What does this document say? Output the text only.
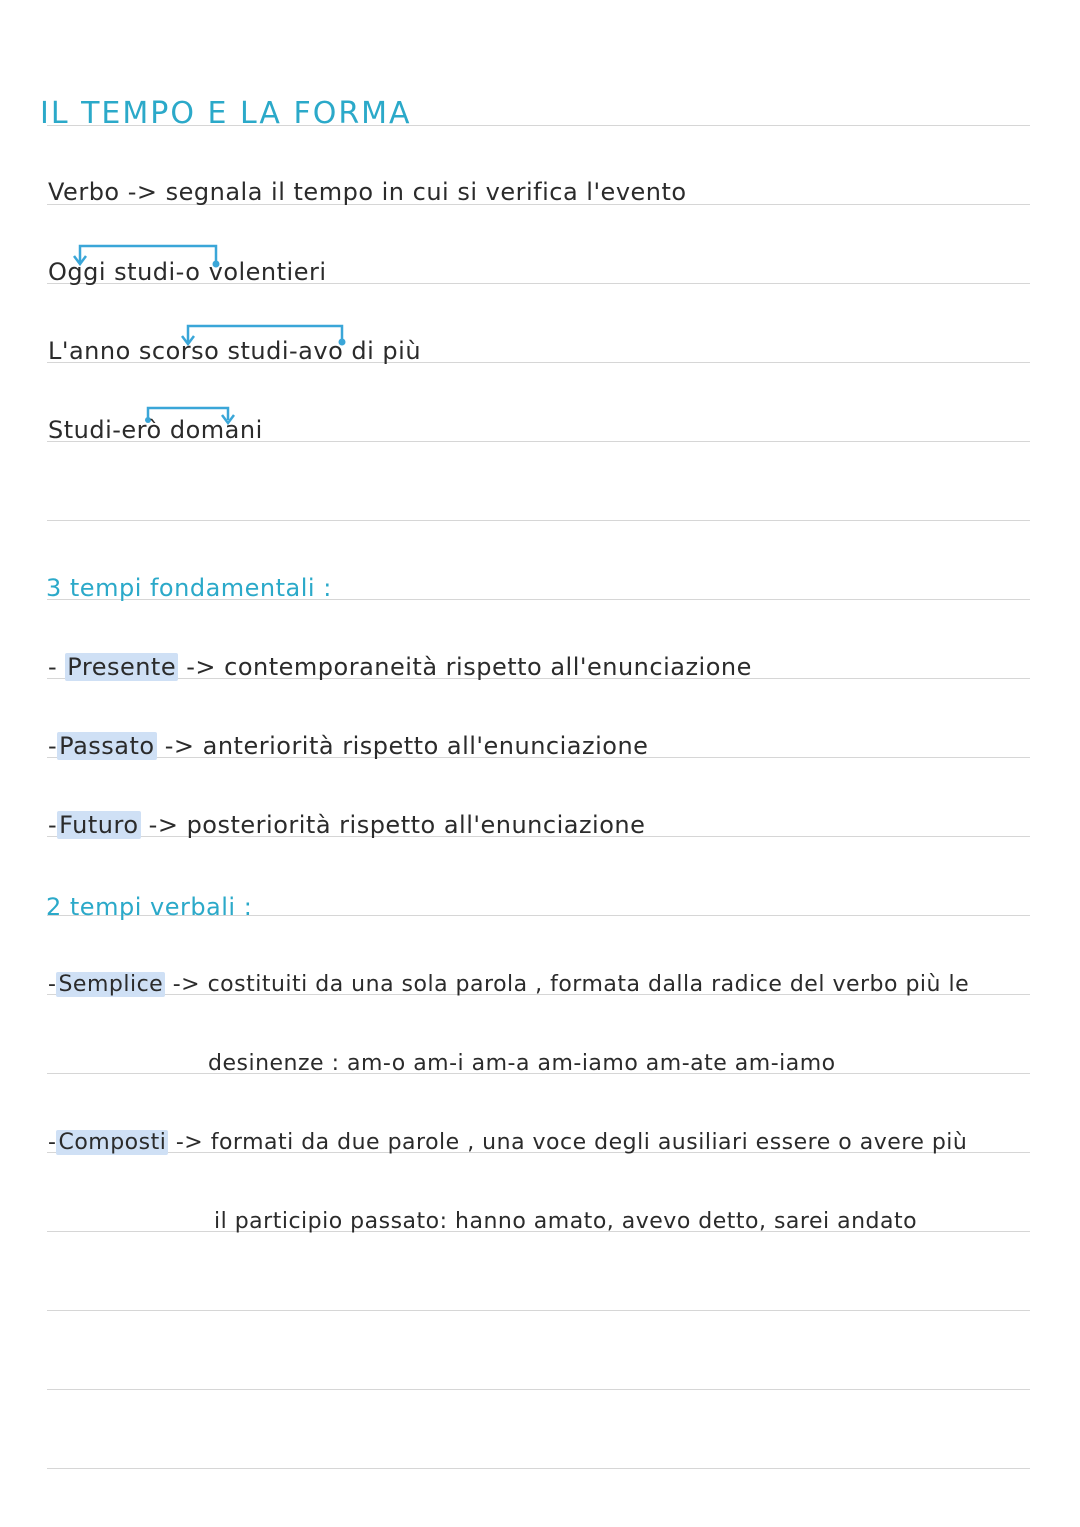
IL TEMPO E LA FORMA
Verbo -> segnala il tempo in cui si verifica l'evento
Oggi studi-o volentieri
L'anno scorso studi-avo di più
Studi-erò domani
3 tempi fondamentali :
- Presente -> contemporaneità rispetto all'enunciazione
-Passato -> anteriorità rispetto all'enunciazione
-Futuro -> posteriorità rispetto all'enunciazione
2 tempi verbali :
-Semplice -> costituiti da una sola parola , formata dalla radice del verbo più le
desinenze : am-o am-i am-a am-iamo am-ate am-iamo
-Composti -> formati da due parole , una voce degli ausiliari essere o avere più
il participio passato: hanno amato, avevo detto, sarei andato
